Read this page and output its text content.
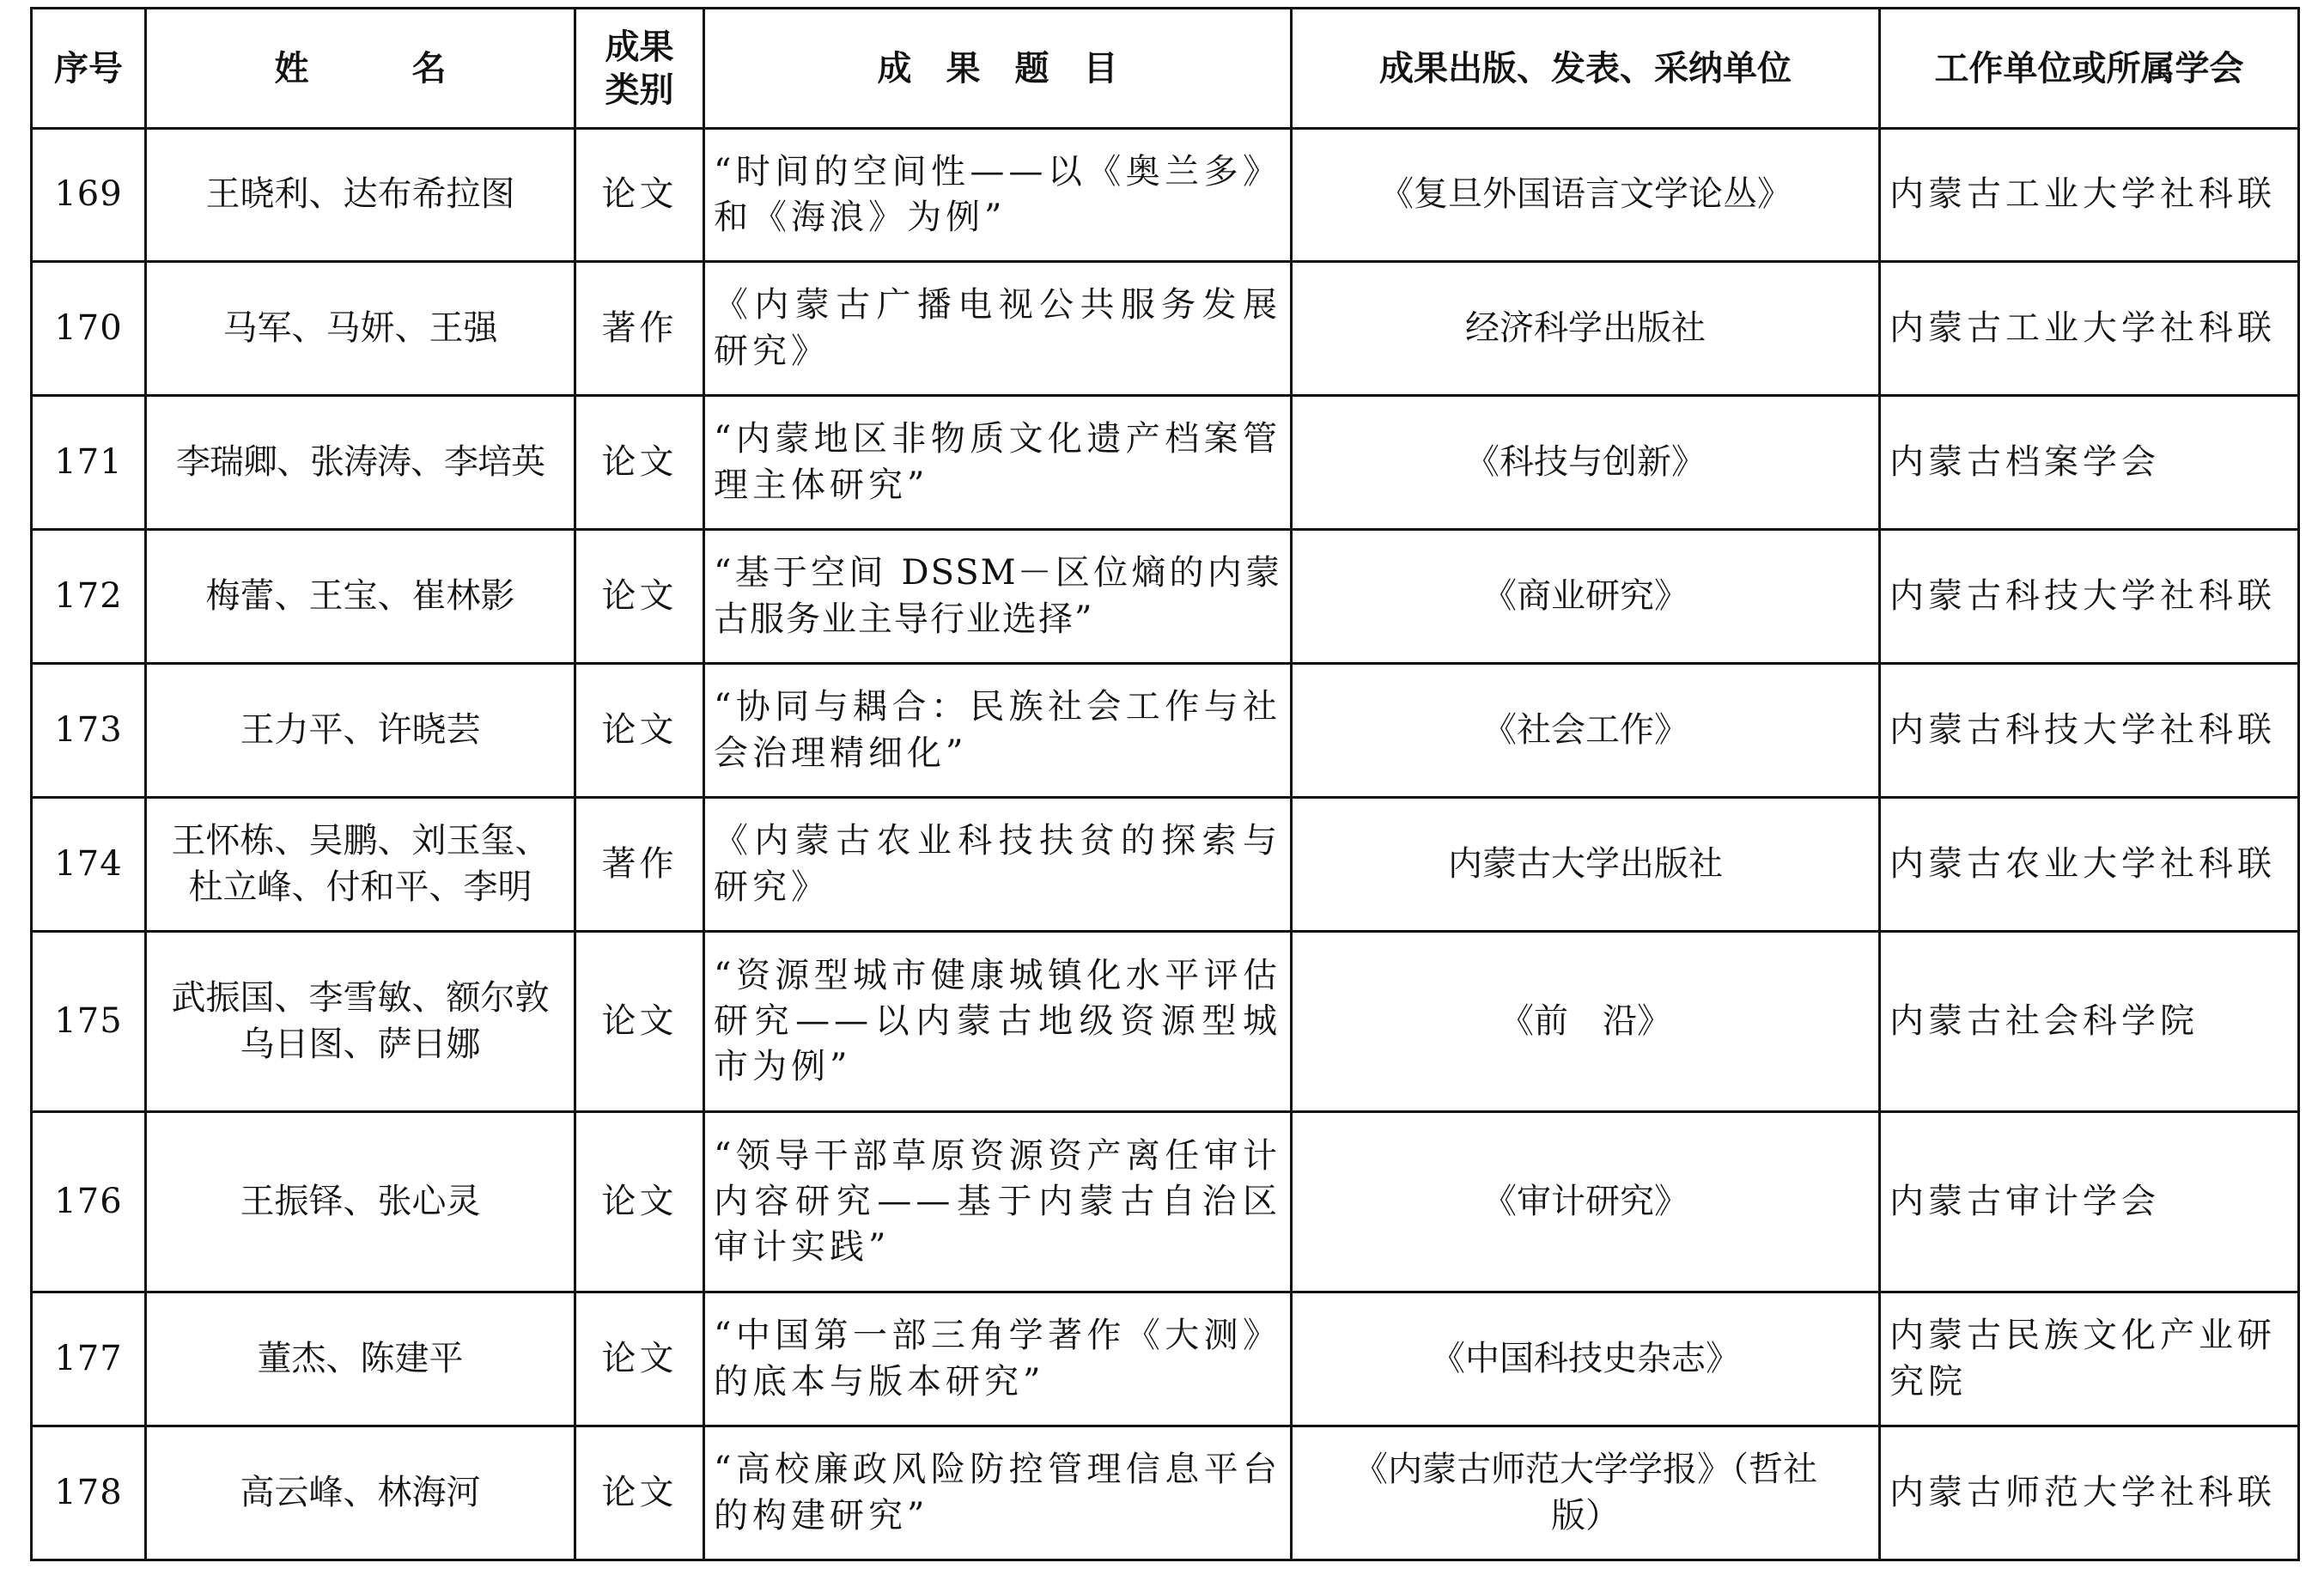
序号	姓　　　名	成果类别	成　果　题　目	成果出版、发表、采纳单位	工作单位或所属学会
169	王晓利、达布希拉图	论文	“时间的空间性——以《奥兰多》和《海浪》为例”	《复旦外国语言文学论丛》	内蒙古工业大学社科联
170	马军、马妍、王强	著作	《内蒙古广播电视公共服务发展研究》	经济科学出版社	内蒙古工业大学社科联
171	李瑞卿、张涛涛、李培英	论文	“内蒙地区非物质文化遗产档案管理主体研究”	《科技与创新》	内蒙古档案学会
172	梅蕾、王宝、崔林影	论文	“基于空间 DSSM－区位熵的内蒙古服务业主导行业选择”	《商业研究》	内蒙古科技大学社科联
173	王力平、许晓芸	论文	“协同与耦合：民族社会工作与社会治理精细化”	《社会工作》	内蒙古科技大学社科联
174	王怀栋、吴鹏、刘玉玺、杜立峰、付和平、李明	著作	《内蒙古农业科技扶贫的探索与研究》	内蒙古大学出版社	内蒙古农业大学社科联
175	武振国、李雪敏、额尔敦乌日图、萨日娜	论文	“资源型城市健康城镇化水平评估研究——以内蒙古地级资源型城市为例”	《前　沿》	内蒙古社会科学院
176	王振铎、张心灵	论文	“领导干部草原资源资产离任审计内容研究——基于内蒙古自治区审计实践”	《审计研究》	内蒙古审计学会
177	董杰、陈建平	论文	“中国第一部三角学著作《大测》的底本与版本研究”	《中国科技史杂志》	内蒙古民族文化产业研究院
178	高云峰、林海河	论文	“高校廉政风险防控管理信息平台的构建研究”	《内蒙古师范大学学报》（哲社版）	内蒙古师范大学社科联
